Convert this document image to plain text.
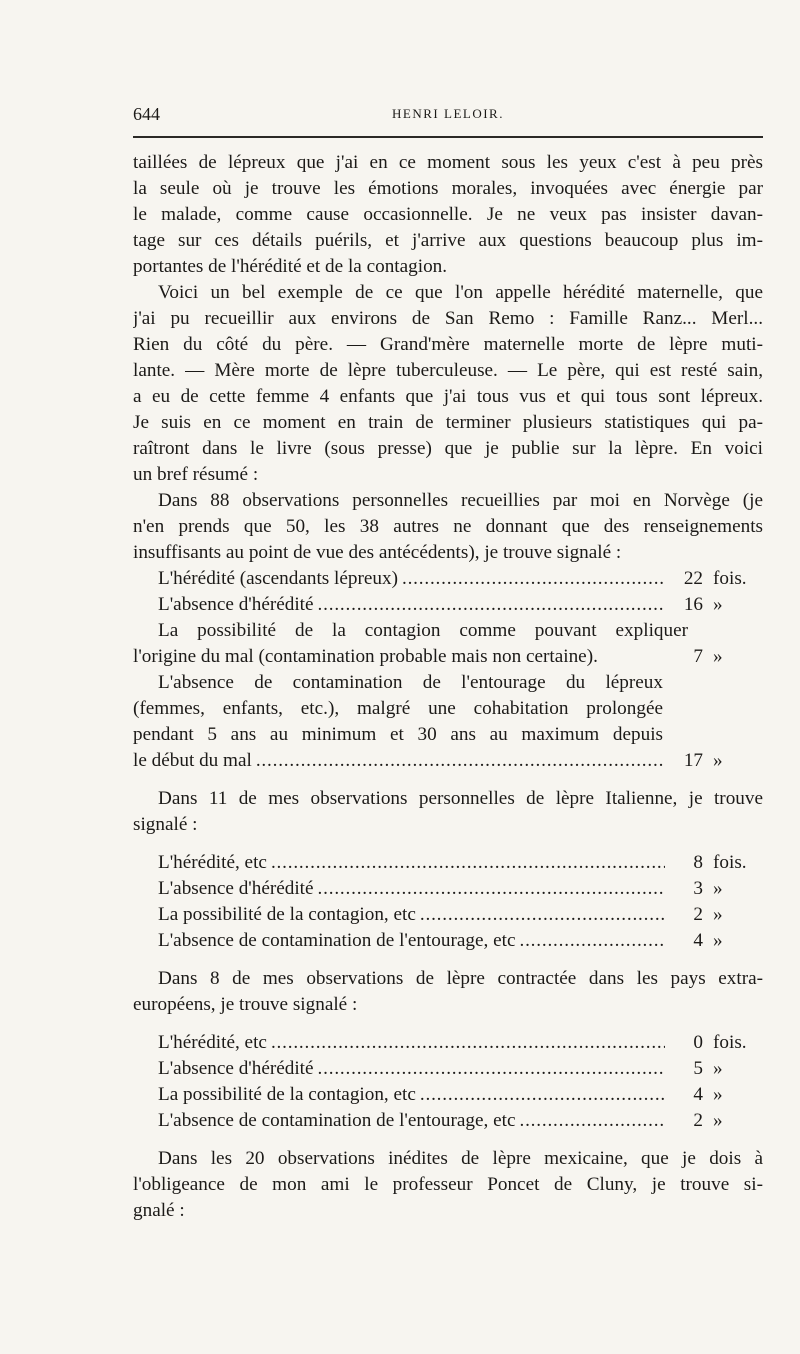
644	HENRI LELOIR.
taillées de lépreux que j'ai en ce moment sous les yeux c'est à peu près
la seule où je trouve les émotions morales, invoquées avec énergie par
le malade, comme cause occasionnelle. Je ne veux pas insister davan-
tage sur ces détails puérils, et j'arrive aux questions beaucoup plus im-
portantes de l'hérédité et de la contagion.
Voici un bel exemple de ce que l'on appelle hérédité maternelle, que
j'ai pu recueillir aux environs de San Remo : Famille Ranz... Merl...
Rien du côté du père. — Grand'mère maternelle morte de lèpre muti-
lante. — Mère morte de lèpre tuberculeuse. — Le père, qui est resté sain,
a eu de cette femme 4 enfants que j'ai tous vus et qui tous sont lépreux.
Je suis en ce moment en train de terminer plusieurs statistiques qui pa-
raîtront dans le livre (sous presse) que je publie sur la lèpre. En voici
un bref résumé :
Dans 88 observations personnelles recueillies par moi en Norvège (je
n'en prends que 50, les 38 autres ne donnant que des renseignements
insuffisants au point de vue des antécédents), je trouve signalé :
L'hérédité (ascendants lépreux) . . .	22 fois.
L'absence d'hérédité . . .	16 »
La possibilité de la contagion comme pouvant expliquer
l'origine du mal (contamination probable mais non certaine).	7 »
L'absence de contamination de l'entourage du lépreux
(femmes, enfants, etc.), malgré une cohabitation prolongée
pendant 5 ans au minimum et 30 ans au maximum depuis
le début du mal . . .	17 »
Dans 11 de mes observations personnelles de lèpre Italienne, je trouve
signalé :
L'hérédité, etc . . .	8 fois.
L'absence d'hérédité . . .	3 »
La possibilité de la contagion, etc . . .	2 »
L'absence de contamination de l'entourage, etc . . .	4 »
Dans 8 de mes observations de lèpre contractée dans les pays extra-
européens, je trouve signalé :
L'hérédité, etc . . .	0 fois.
L'absence d'hérédité . . .	5 »
La possibilité de la contagion, etc . . .	4 »
L'absence de contamination de l'entourage, etc . . .	2 »
Dans les 20 observations inédites de lèpre mexicaine, que je dois à
l'obligeance de mon ami le professeur Poncet de Cluny, je trouve si-
gnalé :
